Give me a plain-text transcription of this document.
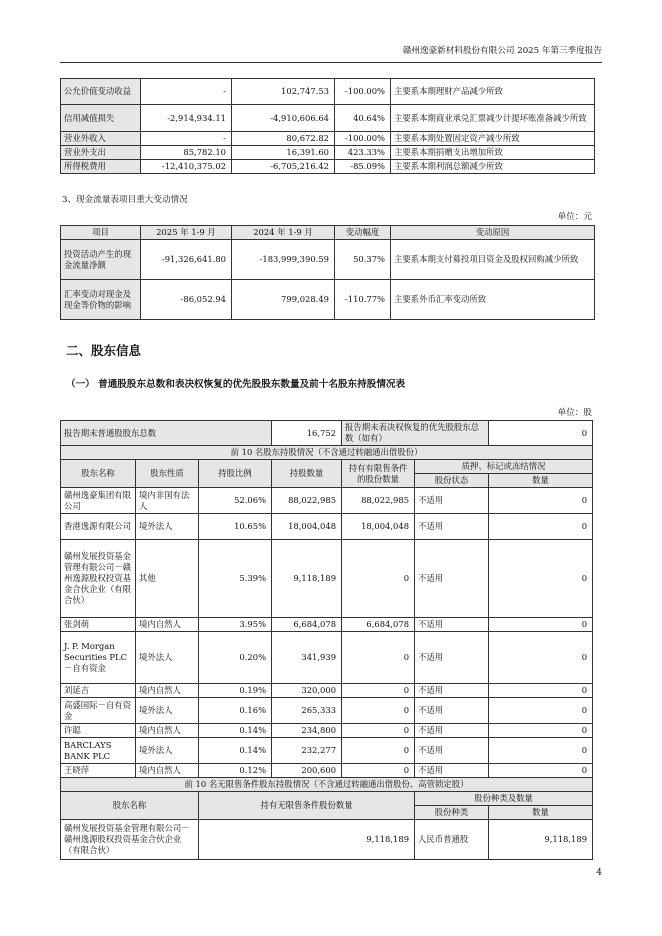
赣州逸豪新材料股份有限公司 2025 年第三季度报告
公允价值变动收益	-	102,747.53	-100.00%	主要系本期理财产品减少所致
信用减值损失	-2,914,934.11	-4,910,606.64	40.64%	主要系本期商业承兑汇票减少计提坏账准备减少所致
营业外收入	-	80,672.82	-100.00%	主要系本期处置固定资产减少所致
营业外支出	85,782.10	16,391.60	423.33%	主要系本期捐赠支出增加所致
所得税费用	-12,410,375.02	-6,705,216.42	-85.09%	主要系本期利润总额减少所致
3、现金流量表项目重大变动情况
单位：元
项目	2025 年 1-9 月	2024 年 1-9 月	变动幅度	变动原因
投资活动产生的现金流量净额	-91,326,641.80	-183,999,390.59	50.37%	主要系本期支付募投项目资金及股权回购减少所致
汇率变动对现金及现金等价物的影响	-86,052.94	799,028.49	-110.77%	主要系外币汇率变动所致
二、股东信息
（一） 普通股股东总数和表决权恢复的优先股股东数量及前十名股东持股情况表
单位：股
报告期末普通股股东总数			16,752	报告期末表决权恢复的优先股股东总数（如有）		0
前 10 名股东持股情况（不含通过转融通出借股份）						
股东名称	股东性质	持股比例	持股数量	持有有限售条件的股份数量	质押、标记或冻结情况	
					股份状态	数量
赣州逸豪集团有限公司	境内非国有法人	52.06%	88,022,985	88,022,985	不适用	0
香港逸源有限公司	境外法人	10.65%	18,004,048	18,004,048	不适用	0
赣州发展投资基金管理有限公司－赣州逸源股权投资基金合伙企业（有限合伙）	其他	5.39%	9,118,189	0	不适用	0
张剑萌	境内自然人	3.95%	6,684,078	6,684,078	不适用	0
J. P. Morgan Securities PLC－自有资金	境外法人	0.20%	341,939	0	不适用	0
刘延吉	境内自然人	0.19%	320,000	0	不适用	0
高盛国际－自有资金	境外法人	0.16%	265,333	0	不适用	0
许聪	境内自然人	0.14%	234,800	0	不适用	0
BARCLAYS BANK PLC	境外法人	0.14%	232,277	0	不适用	0
王晓萍	境内自然人	0.12%	200,600	0	不适用	0
前 10 名无限售条件股东持股情况（不含通过转融通出借股份、高管锁定股）						
股东名称		持有无限售条件股份数量			股份种类及数量	
					股份种类	数量
赣州发展投资基金管理有限公司－赣州逸源股权投资基金合伙企业（有限合伙）		9,118,189			人民币普通股	9,118,189
4
